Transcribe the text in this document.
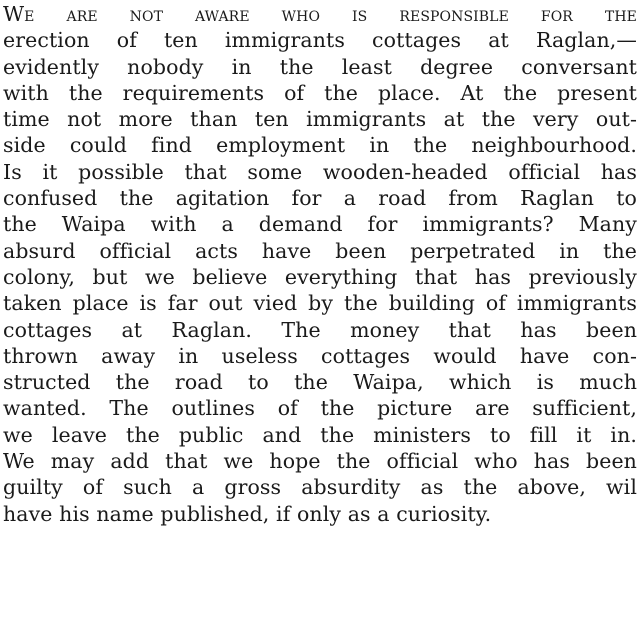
We are not aware who is responsible for the
erection of ten immigrants cottages at Raglan,—
evidently nobody in the least degree conversant
with the requirements of the place. At the present
time not more than ten immigrants at the very out-
side could find employment in the neighbourhood.
Is it possible that some wooden-headed official has
confused the agitation for a road from Raglan to
the Waipa with a demand for immigrants? Many
absurd official acts have been perpetrated in the
colony, but we believe everything that has previously
taken place is far out vied by the building of immigrants
cottages at Raglan. The money that has been
thrown away in useless cottages would have con-
structed the road to the Waipa, which is much
wanted. The outlines of the picture are sufficient,
we leave the public and the ministers to fill it in.
We may add that we hope the official who has been
guilty of such a gross absurdity as the above, wil
have his name published, if only as a curiosity.
